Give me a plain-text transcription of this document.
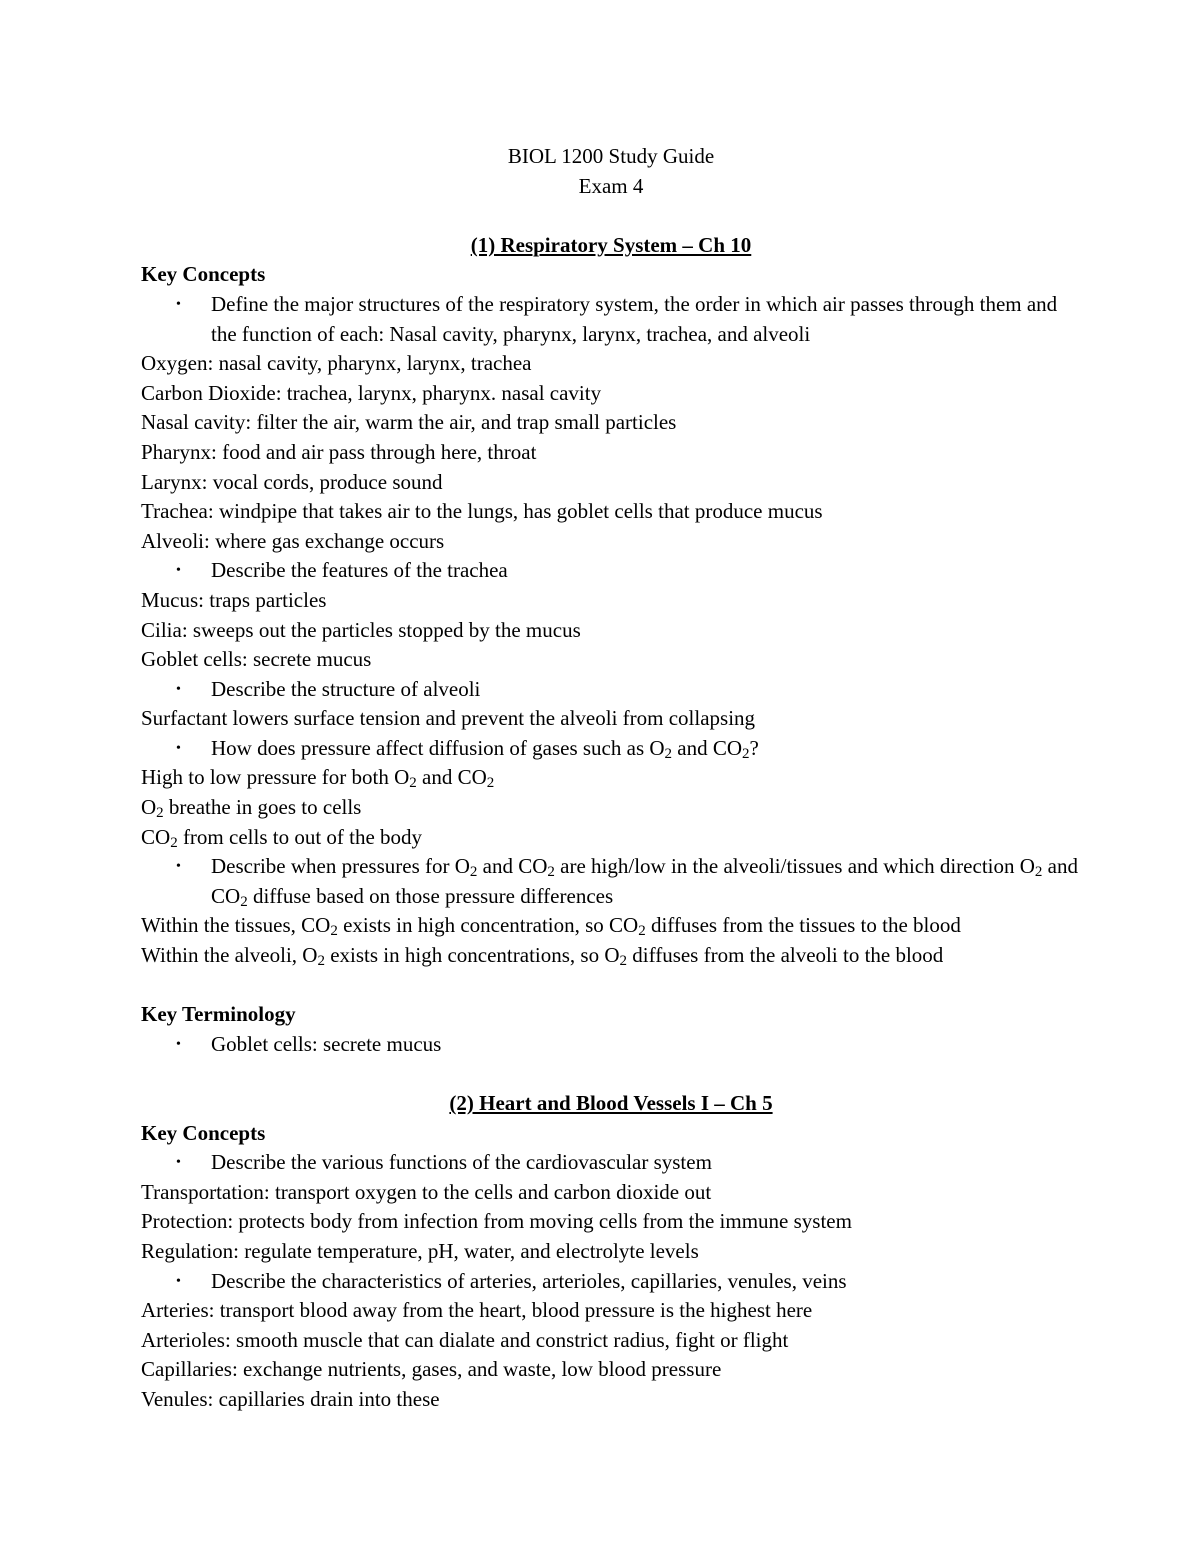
BIOL 1200 Study Guide
Exam 4
(1) Respiratory System – Ch 10
Key Concepts
• Define the major structures of the respiratory system, the order in which air passes through them and the function of each: Nasal cavity, pharynx, larynx, trachea, and alveoli
Oxygen: nasal cavity, pharynx, larynx, trachea
Carbon Dioxide: trachea, larynx, pharynx. nasal cavity
Nasal cavity: filter the air, warm the air, and trap small particles
Pharynx: food and air pass through here, throat
Larynx: vocal cords, produce sound
Trachea: windpipe that takes air to the lungs, has goblet cells that produce mucus
Alveoli: where gas exchange occurs
• Describe the features of the trachea
Mucus: traps particles
Cilia: sweeps out the particles stopped by the mucus
Goblet cells: secrete mucus
• Describe the structure of alveoli
Surfactant lowers surface tension and prevent the alveoli from collapsing
• How does pressure affect diffusion of gases such as $O_2$ and $CO_2$?
High to low pressure for both $O_2$ and $CO_2$
$O_2$ breathe in goes to cells
$CO_2$ from cells to out of the body
• Describe when pressures for $O_2$ and $CO_2$ are high/low in the alveoli/tissues and which direction $O_2$ and $CO_2$ diffuse based on those pressure differences
Within the tissues, $CO_2$ exists in high concentration, so $CO_2$ diffuses from the tissues to the blood
Within the alveoli, $O_2$ exists in high concentrations, so $O_2$ diffuses from the alveoli to the blood
Key Terminology
• Goblet cells: secrete mucus
(2) Heart and Blood Vessels I – Ch 5
Key Concepts
• Describe the various functions of the cardiovascular system
Transportation: transport oxygen to the cells and carbon dioxide out
Protection: protects body from infection from moving cells from the immune system
Regulation: regulate temperature, pH, water, and electrolyte levels
• Describe the characteristics of arteries, arterioles, capillaries, venules, veins
Arteries: transport blood away from the heart, blood pressure is the highest here
Arterioles: smooth muscle that can dialate and constrict radius, fight or flight
Capillaries: exchange nutrients, gases, and waste, low blood pressure
Venules: capillaries drain into these
